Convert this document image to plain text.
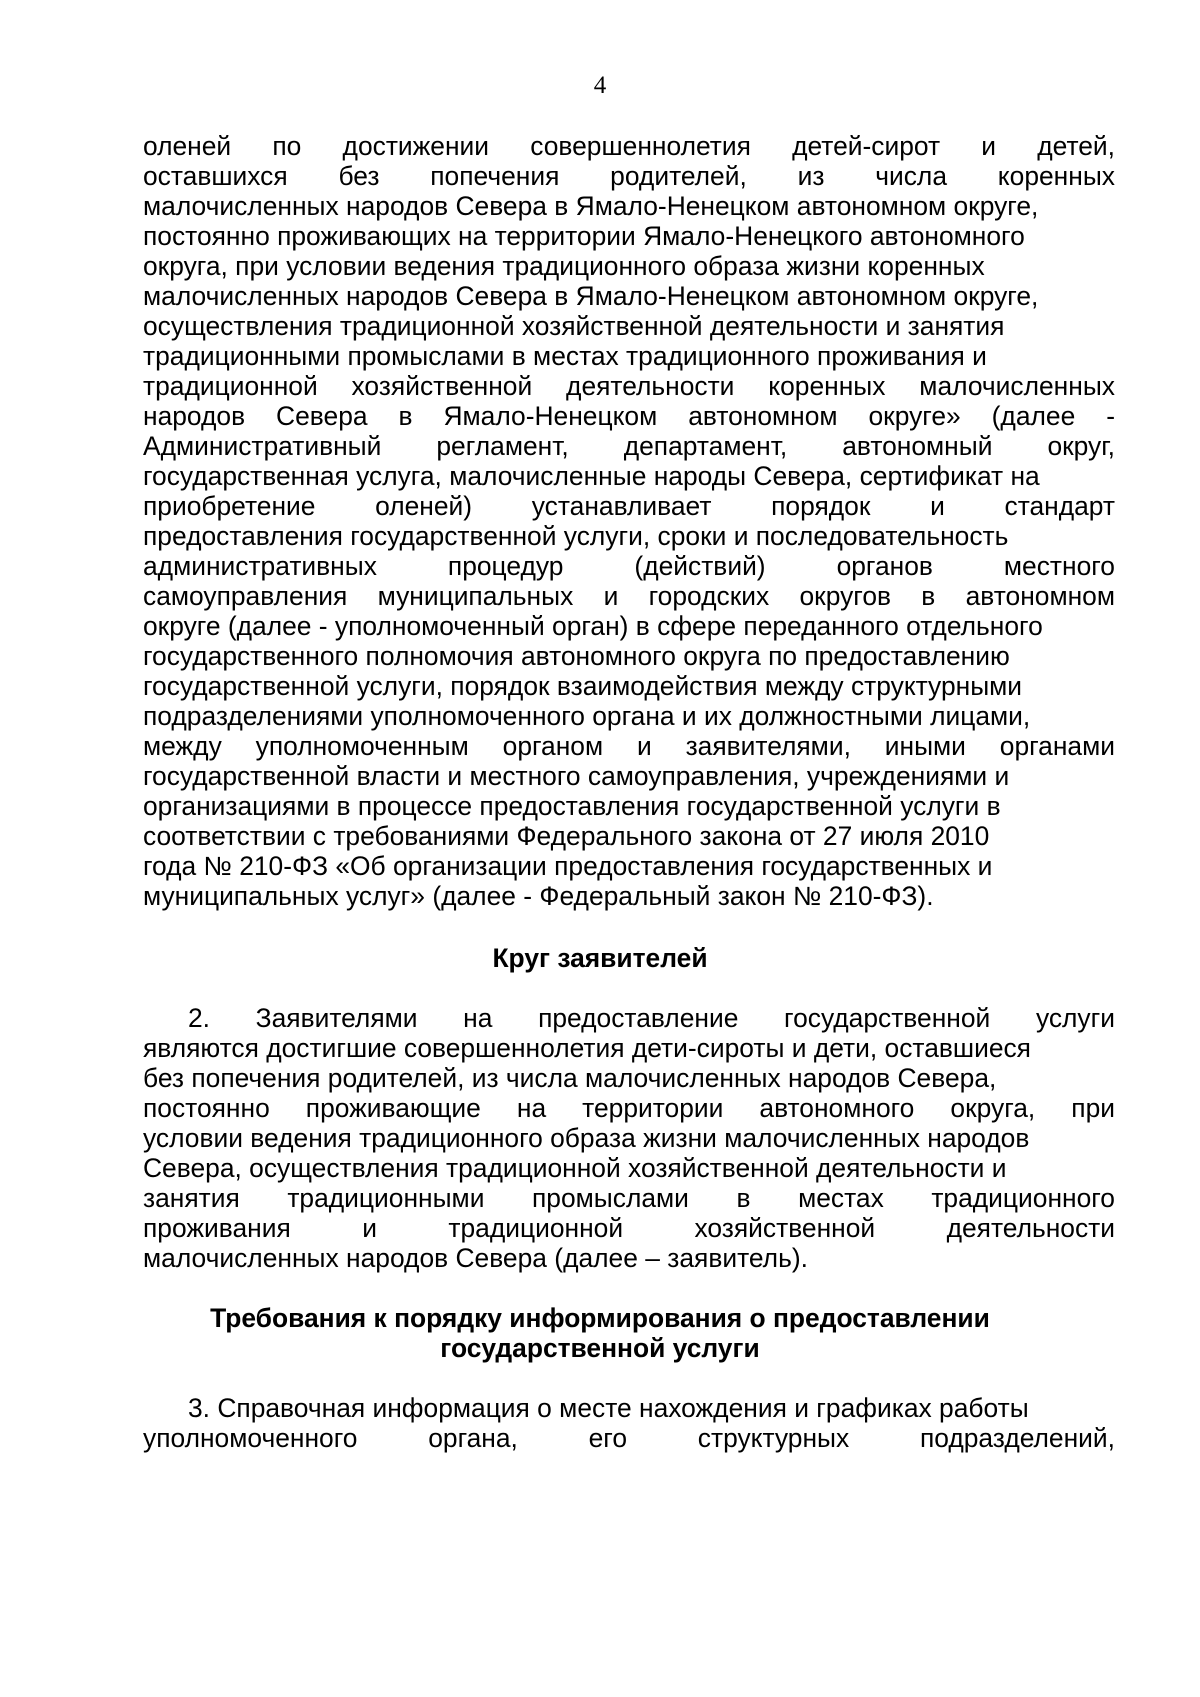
4
оленей по достижении совершеннолетия детей-сирот и детей,
оставшихся без попечения родителей, из числа коренных
малочисленных народов Севера в Ямало-Ненецком автономном округе,
постоянно проживающих на территории Ямало-Ненецкого автономного
округа, при условии ведения традиционного образа жизни коренных
малочисленных народов Севера в Ямало-Ненецком автономном округе,
осуществления традиционной хозяйственной деятельности и занятия
традиционными промыслами в местах традиционного проживания и
традиционной хозяйственной деятельности коренных малочисленных
народов Севера в Ямало-Ненецком автономном округе» (далее -
Административный регламент, департамент, автономный округ,
государственная услуга, малочисленные народы Севера, сертификат на
приобретение оленей) устанавливает порядок и стандарт
предоставления государственной услуги, сроки и последовательность
административных процедур (действий) органов местного
самоуправления муниципальных и городских округов в автономном
округе (далее - уполномоченный орган) в сфере переданного отдельного
государственного полномочия автономного округа по предоставлению
государственной услуги, порядок взаимодействия между структурными
подразделениями уполномоченного органа и их должностными лицами,
между уполномоченным органом и заявителями, иными органами
государственной власти и местного самоуправления, учреждениями и
организациями в процессе предоставления государственной услуги в
соответствии с требованиями Федерального закона от 27 июля 2010
года № 210-ФЗ «Об организации предоставления государственных и
муниципальных услуг» (далее - Федеральный закон № 210-ФЗ).
Круг заявителей
2. Заявителями на предоставление государственной услуги
являются достигшие совершеннолетия дети-сироты и дети, оставшиеся
без попечения родителей, из числа малочисленных народов Севера,
постоянно проживающие на территории автономного округа, при
условии ведения традиционного образа жизни малочисленных народов
Севера, осуществления традиционной хозяйственной деятельности и
занятия традиционными промыслами в местах традиционного
проживания и традиционной хозяйственной деятельности
малочисленных народов Севера (далее – заявитель).
Требования к порядку информирования о предоставлении
государственной услуги
3. Справочная информация о месте нахождения и графиках работы
уполномоченного органа, его структурных подразделений,
